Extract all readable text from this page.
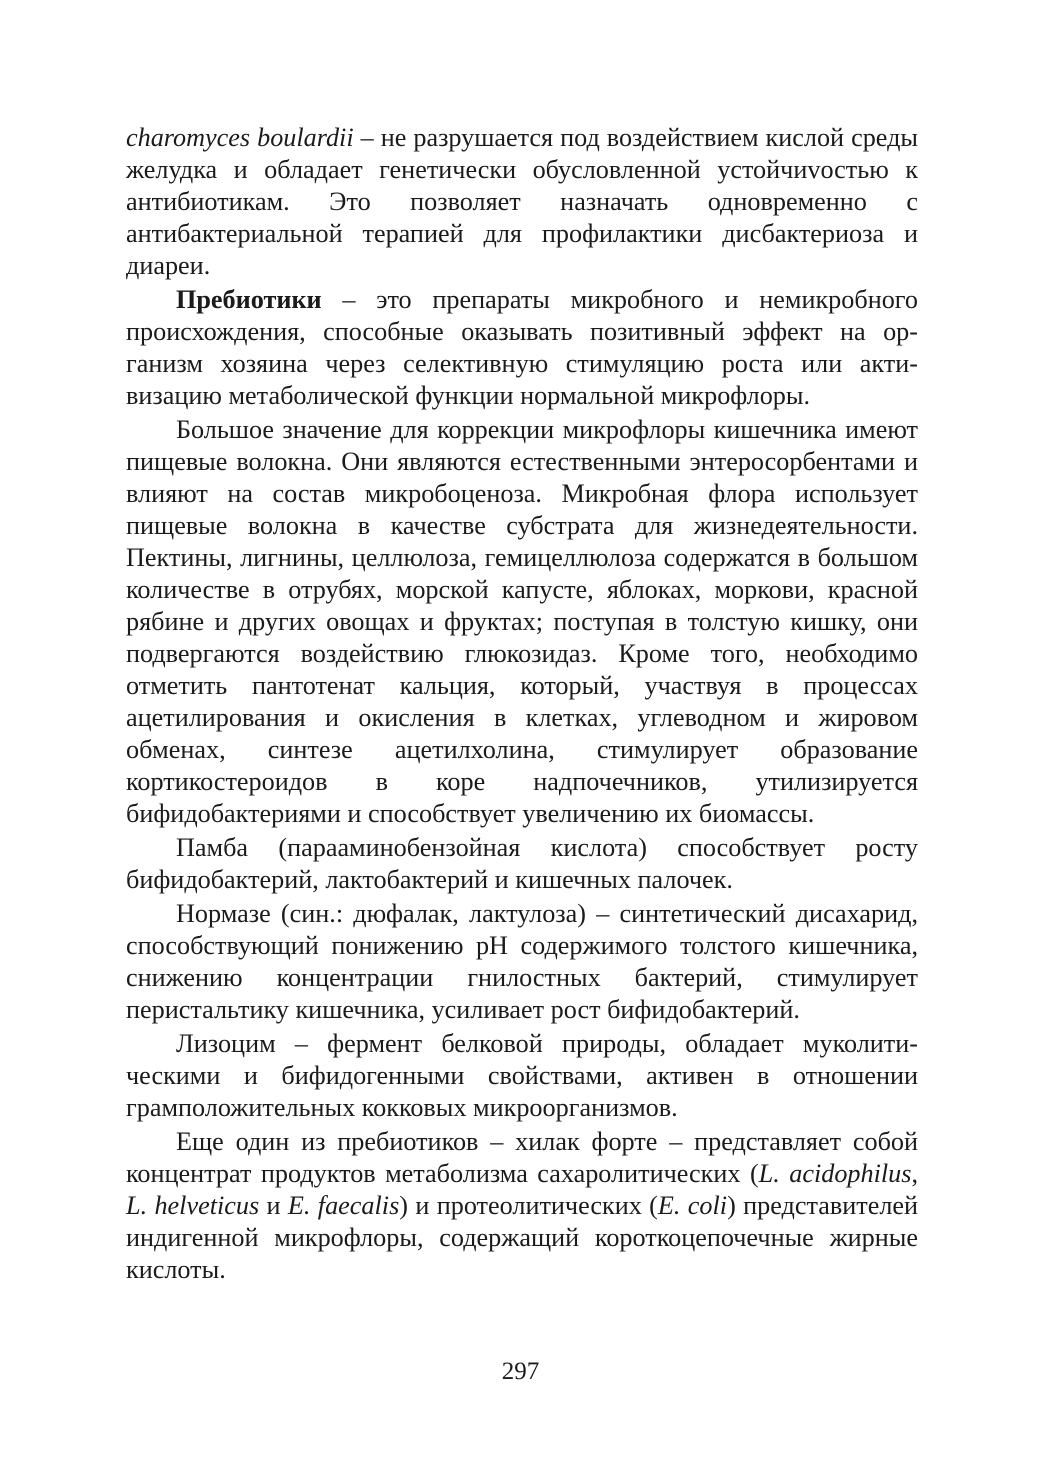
charomyces boulardii – не разрушается под воздействием кислой среды желудка и обладает генетически обусловленной устойчиvостью к антибиотикам. Это позволяет назначать одновременно с антибактериальной терапией для профилактики дисбактериоза и диареи.

Пребиотики – это препараты микробного и немикробного происхождения, способные оказывать позитивный эффект на организм хозяина через селективную стимуляцию роста или активизацию метаболической функции нормальной микрофлоры.

Большое значение для коррекции микрофлоры кишечника имеют пищевые волокна. Они являются естественными энтеросорбентами и влияют на состав микробоценоза. Микробная флора использует пищевые волокна в качестве субстрата для жизнедеятельности. Пектины, лигнины, целлюлоза, гемицеллюлоза содержатся в большом количестве в отрубях, морской капусте, яблоках, моркови, красной рябине и других овощах и фруктах; поступая в толстую кишку, они подвергаются воздействию глюкозидаз. Кроме того, необходимо отметить пантотенат кальция, который, участвуя в процессах ацетилирования и окисления в клетках, углеводном и жировом обменах, синтезе ацетилхолина, стимулирует образование кортикостероидов в коре надпочечников, утилизируется бифидобактериями и способствует увеличению их биомассы.

Памба (парааминобензойная кислота) способствует росту бифидобактерий, лактобактерий и кишечных палочек.

Нормазе (син.: дюфалак, лактулоза) – синтетический дисахарид, способствующий понижению рН содержимого толстого кишечника, снижению концентрации гнилостных бактерий, стимулирует перистальтику кишечника, усиливает рост бифидобактерий.

Лизоцим – фермент белковой природы, обладает муколитическими и бифидогенными свойствами, активен в отношении грамположительных кокковых микроорганизмов.

Еще один из пребиотиков – хилак форте – представляет собой концентрат продуктов метаболизма сахаролитических (L. acidophilus, L. helveticus и E. faecalis) и протеолитических (E. coli) представителей индигенной микрофлоры, содержащий короткоцепочечные жирные кислоты.

297
